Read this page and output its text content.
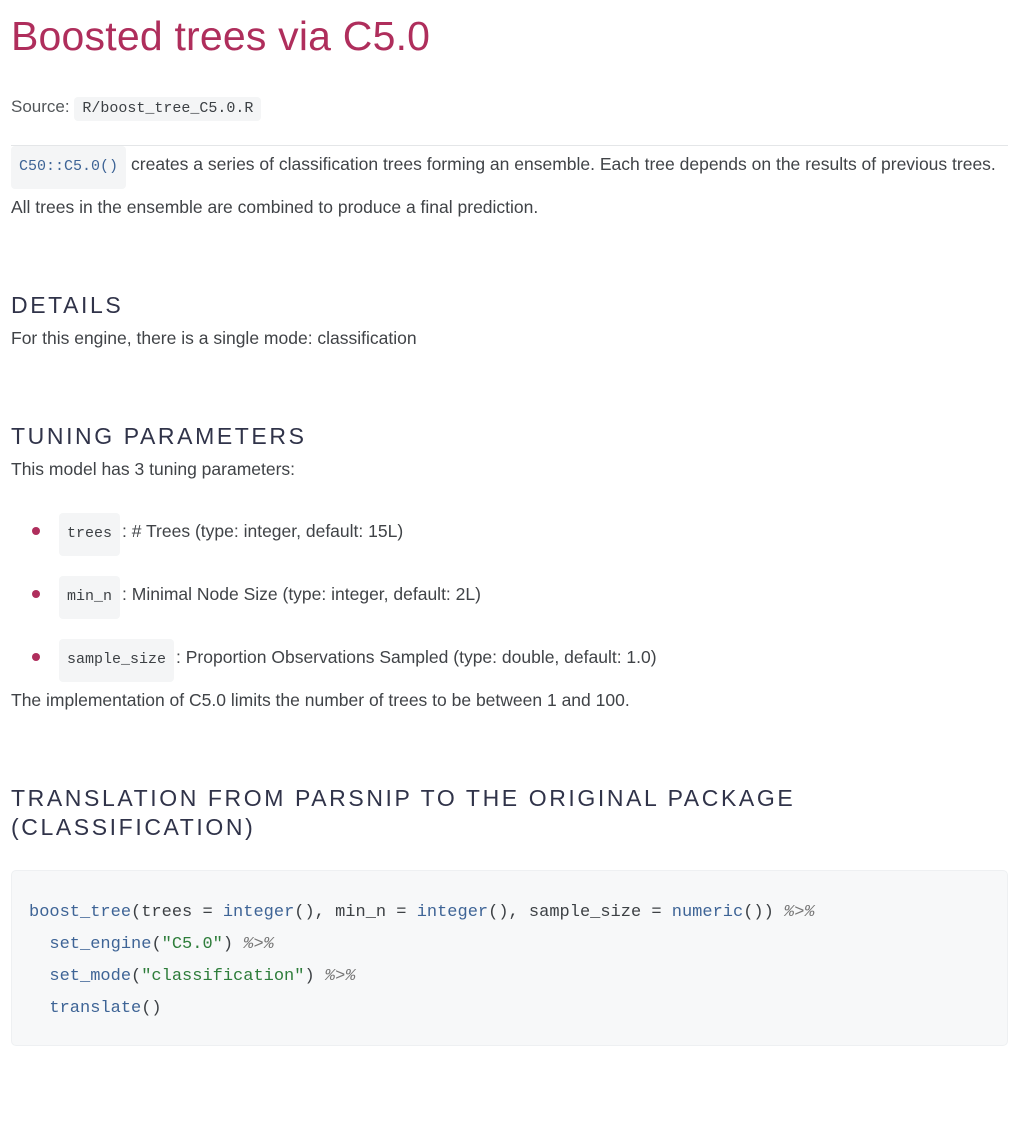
Boosted trees via C5.0

Source: R/boost_tree_C5.0.R

C50::C5.0() creates a series of classification trees forming an ensemble. Each tree depends on the results of previous trees. All trees in the ensemble are combined to produce a final prediction.

DETAILS

For this engine, there is a single mode: classification

TUNING PARAMETERS

This model has 3 tuning parameters:

trees : # Trees (type: integer, default: 15L)
min_n : Minimal Node Size (type: integer, default: 2L)
sample_size : Proportion Observations Sampled (type: double, default: 1.0)

The implementation of C5.0 limits the number of trees to be between 1 and 100.

TRANSLATION FROM PARSNIP TO THE ORIGINAL PACKAGE
(CLASSIFICATION)
boost_tree(trees = integer(), min_n = integer(), sample_size = numeric()) %>%
set_engine("C5.0") %>%
set_mode("classification") %>%
translate()
